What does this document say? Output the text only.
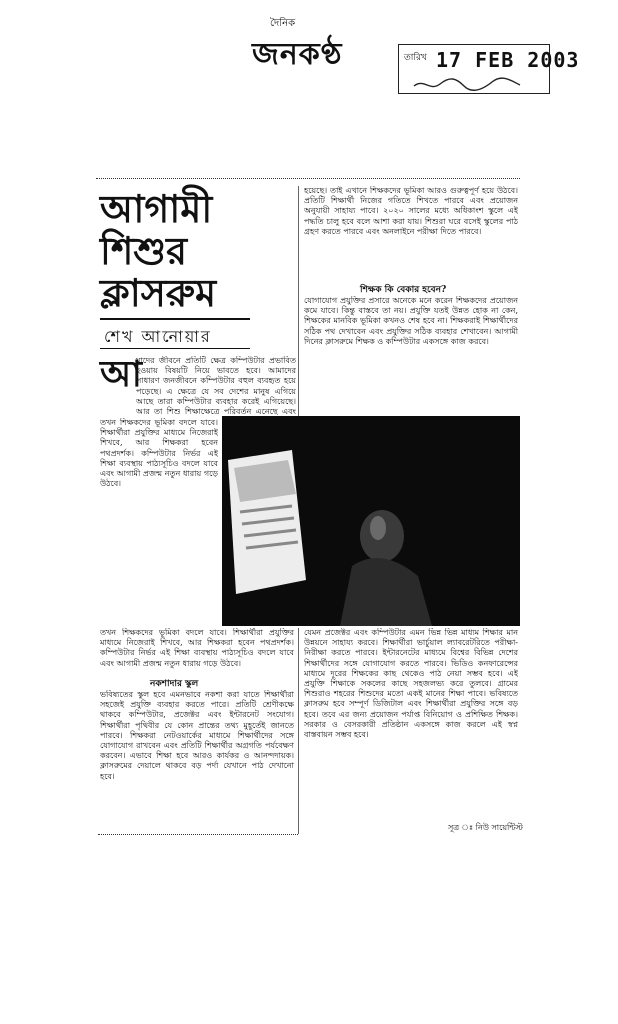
দৈনিক
জনকণ্ঠ	তারিখ 17 FEB 2003
আগামী
শিশুর
ক্লাসরুম
শেখ আনোয়ার
হয়েছে। তাই এখানে শিক্ষকদের ভূমিকা আরও গুরুত্বপূর্ণ হয়ে উঠবে। প্রতিটি শিক্ষার্থী নিজের গতিতে শিখতে পারবে এবং প্রয়োজন অনুযায়ী সাহায্য পাবে। ২০২০ সালের মধ্যে অধিকাংশ স্কুলে এই পদ্ধতি চালু হবে বলে আশা করা যায়। শিশুরা ঘরে বসেই স্কুলের পাঠ গ্রহণ করতে পারবে এবং অনলাইনে পরীক্ষা দিতে পারবে।
শিক্ষক কি বেকার হবেন?
যোগাযোগ প্রযুক্তির প্রসারে অনেকে মনে করেন শিক্ষকদের প্রয়োজন কমে যাবে। কিন্তু বাস্তবে তা নয়। প্রযুক্তি যতই উন্নত হোক না কেন, শিক্ষকের মানবিক ভূমিকা কখনও শেষ হবে না। শিক্ষকরাই শিক্ষার্থীদের সঠিক পথ দেখাবেন এবং প্রযুক্তির সঠিক ব্যবহার শেখাবেন। আগামী দিনের ক্লাসরুমে শিক্ষক ও কম্পিউটার একসঙ্গে কাজ করবে।
আ
মাদের জীবনে প্রতিটি ক্ষেত্র কম্পিউটার প্রভাবিত হওয়ায় বিষয়টি নিয়ে ভাবতে হবে। আমাদের সাধারণ জনজীবনে কম্পিউটার বহুল ব্যবহৃত হয়ে পড়েছে। এ ক্ষেত্রে যে সব দেশের মানুষ এগিয়ে আছে তারা কম্পিউটার ব্যবহার করেই এগিয়েছে। আর তা শিশু শিক্ষাক্ষেত্রে পরিবর্তন এনেছে এবং
তখন শিক্ষকদের ভূমিকা বদলে যাবে। শিক্ষার্থীরা প্রযুক্তির মাধ্যমে নিজেরাই শিখবে, আর শিক্ষকরা হবেন পথপ্রদর্শক। কম্পিউটার নির্ভর এই শিক্ষা ব্যবস্থায় পাঠ্যসূচিও বদলে যাবে এবং আগামী প্রজন্ম নতুন ধারায় গড়ে উঠবে।
তখন শিক্ষকদের ভূমিকা বদলে যাবে। শিক্ষার্থীরা প্রযুক্তির মাধ্যমে নিজেরাই শিখবে, আর শিক্ষকরা হবেন পথপ্রদর্শক। কম্পিউটার নির্ভর এই শিক্ষা ব্যবস্থায় পাঠ্যসূচিও বদলে যাবে এবং আগামী প্রজন্ম নতুন ধারায় গড়ে উঠবে।
নকশাদার স্কুল
ভবিষ্যতের স্কুল হবে এমনভাবে নকশা করা যাতে শিক্ষার্থীরা সহজেই প্রযুক্তি ব্যবহার করতে পারে। প্রতিটি শ্রেণীকক্ষে থাকবে কম্পিউটার, প্রজেক্টর এবং ইন্টারনেট সংযোগ। শিক্ষার্থীরা পৃথিবীর যে কোন প্রান্তের তথ্য মুহূর্তেই জানতে পারবে। শিক্ষকরা নেটওয়ার্কের মাধ্যমে শিক্ষার্থীদের সঙ্গে যোগাযোগ রাখবেন এবং প্রতিটি শিক্ষার্থীর অগ্রগতি পর্যবেক্ষণ করবেন। এভাবে শিক্ষা হবে আরও কার্যকর ও আনন্দদায়ক। ক্লাসরুমের দেয়ালে থাকবে বড় পর্দা যেখানে পাঠ দেখানো হবে।
যেমন প্রজেক্টর এবং কম্পিউটার এমন ভিন্ন ভিন্ন মাধ্যম শিক্ষার মান উন্নয়নে সাহায্য করবে। শিক্ষার্থীরা ভার্চুয়াল ল্যাবরেটরিতে পরীক্ষা-নিরীক্ষা করতে পারবে। ইন্টারনেটের মাধ্যমে বিশ্বের বিভিন্ন দেশের শিক্ষার্থীদের সঙ্গে যোগাযোগ করতে পারবে। ভিডিও কনফারেন্সের মাধ্যমে দূরের শিক্ষকের কাছ থেকেও পাঠ নেয়া সম্ভব হবে। এই প্রযুক্তি শিক্ষাকে সকলের কাছে সহজলভ্য করে তুলবে। গ্রামের শিশুরাও শহরের শিশুদের মতো একই মানের শিক্ষা পাবে। ভবিষ্যতে ক্লাসরুম হবে সম্পূর্ণ ডিজিটাল এবং শিক্ষার্থীরা প্রযুক্তির সঙ্গে বড় হবে। তবে এর জন্য প্রয়োজন পর্যাপ্ত বিনিয়োগ ও প্রশিক্ষিত শিক্ষক। সরকার ও বেসরকারী প্রতিষ্ঠান একসঙ্গে কাজ করলে এই স্বপ্ন বাস্তবায়ন সম্ভব হবে।
সূত্র ঃ নিউ সায়েন্টিস্ট
